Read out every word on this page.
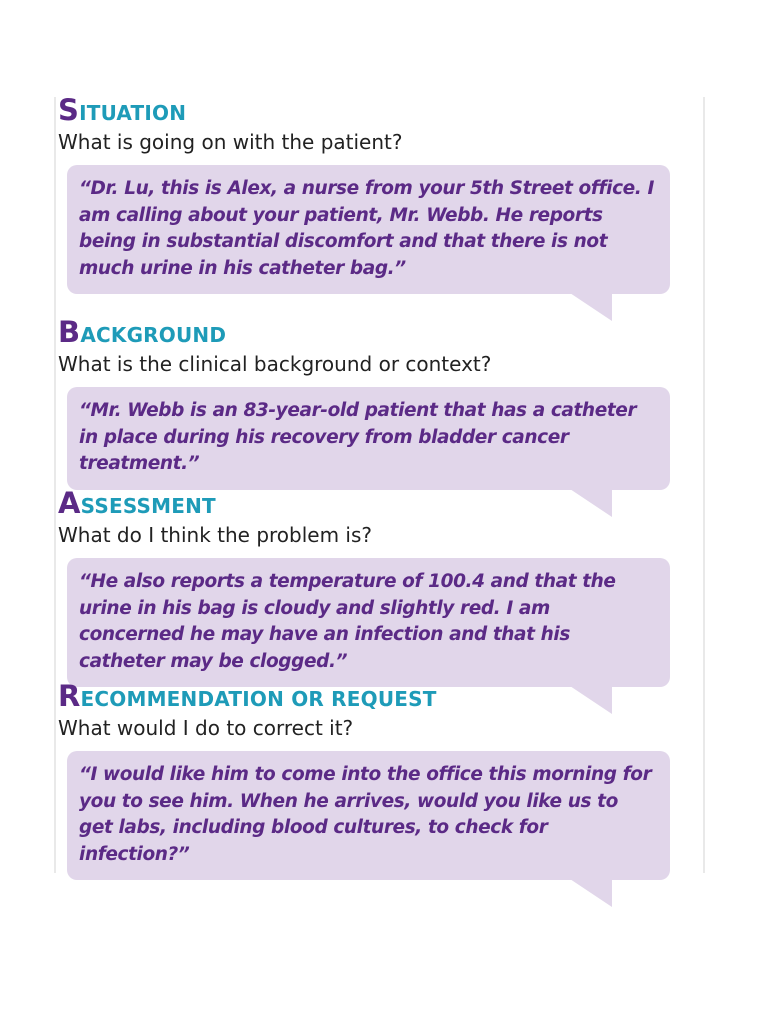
SITUATION

What is going on with the patient?

“Dr. Lu, this is Alex, a nurse from your 5th Street office. I am calling about your patient, Mr. Webb. He reports being in substantial discomfort and that there is not much urine in his catheter bag.”

BACKGROUND

What is the clinical background or context?

“Mr. Webb is an 83-year-old patient that has a catheter in place during his recovery from bladder cancer treatment.”

ASSESSMENT

What do I think the problem is?

“He also reports a temperature of 100.4 and that the urine in his bag is cloudy and slightly red. I am concerned he may have an infection and that his catheter may be clogged.”

RECOMMENDATION OR REQUEST

What would I do to correct it?

“I would like him to come into the office this morning for you to see him. When he arrives, would you like us to get labs, including blood cultures, to check for infection?”
